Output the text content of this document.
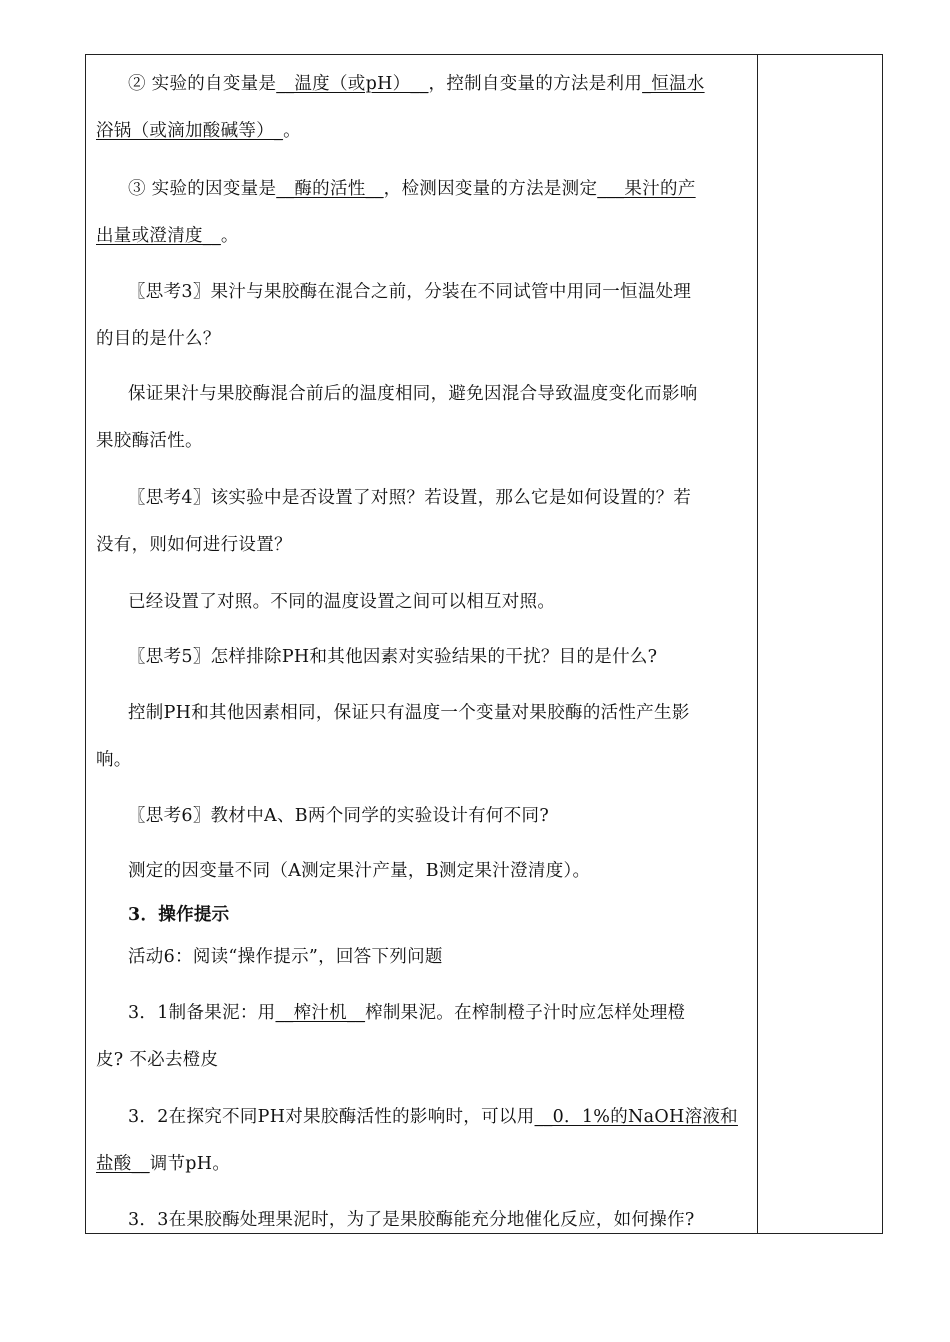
② 实验的自变量是__温度（或pH）__，控制自变量的方法是利用_恒温水
浴锅（或滴加酸碱等）_。
③ 实验的因变量是__酶的活性__，检测因变量的方法是测定___果汁的产
出量或澄清度__。
〖思考3〗果汁与果胶酶在混合之前，分装在不同试管中用同一恒温处理
的目的是什么？
保证果汁与果胶酶混合前后的温度相同，避免因混合导致温度变化而影响
果胶酶活性。
〖思考4〗该实验中是否设置了对照？若设置，那么它是如何设置的？若
没有，则如何进行设置？
已经设置了对照。不同的温度设置之间可以相互对照。
〖思考5〗怎样排除PH和其他因素对实验结果的干扰？目的是什么?
控制PH和其他因素相同，保证只有温度一个变量对果胶酶的活性产生影
响。
〖思考6〗教材中A、B两个同学的实验设计有何不同?
测定的因变量不同（A测定果汁产量，B测定果汁澄清度）。
3．操作提示
活动6：阅读“操作提示”，回答下列问题
3．1制备果泥：用__榨汁机__榨制果泥。在榨制橙子汁时应怎样处理橙
皮? 不必去橙皮
3．2在探究不同PH对果胶酶活性的影响时，可以用__0．1%的NaOH溶液和
盐酸__调节pH。
3．3在果胶酶处理果泥时，为了是果胶酶能充分地催化反应，如何操作?
